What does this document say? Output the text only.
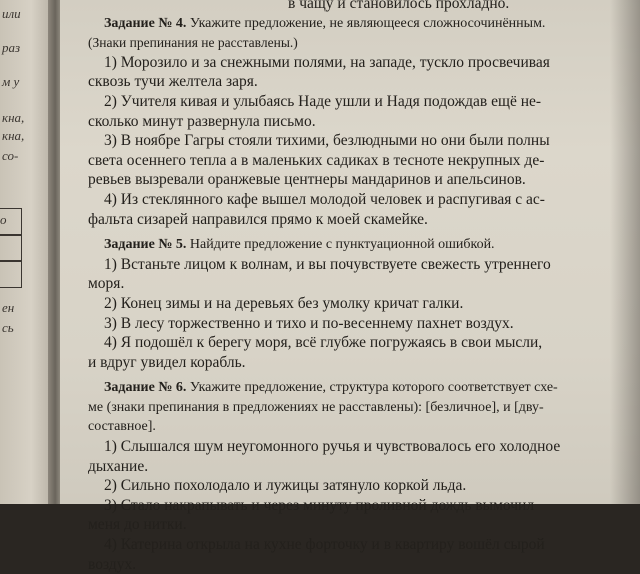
или
раз
м у
кна,
кна,
со-
о
ен
сь
в чащу и становилось прохладно.
Задание № 4. Укажите предложение, не являющееся сложносочинённым.
(Знаки препинания не расставлены.)
1) Морозило и за снежными полями, на западе, тускло просвечивая
сквозь тучи желтела заря.
2) Учителя кивая и улыбаясь Наде ушли и Надя подождав ещё не-
сколько минут развернула письмо.
3) В ноябре Гагры стояли тихими, безлюдными но они были полны
света осеннего тепла а в маленьких садиках в тесноте некрупных де-
ревьев вызревали оранжевые центнеры мандаринов и апельсинов.
4) Из стеклянного кафе вышел молодой человек и распугивая с ас-
фальта сизарей направился прямо к моей скамейке.
Задание № 5. Найдите предложение с пунктуационной ошибкой.
1) Встаньте лицом к волнам, и вы почувствуете свежесть утреннего
моря.
2) Конец зимы и на деревьях без умолку кричат галки.
3) В лесу торжественно и тихо и по-весеннему пахнет воздух.
4) Я подошёл к берегу моря, всё глубже погружаясь в свои мысли,
и вдруг увидел корабль.
Задание № 6. Укажите предложение, структура которого соответствует схе-
ме (знаки препинания в предложениях не расставлены): [безличное], и [дву-
составное].
1) Слышался шум неугомонного ручья и чувствовалось его холодное
дыхание.
2) Сильно похолодало и лужицы затянуло коркой льда.
3) Стало накрапывать и через минуту проливной дождь вымочил
меня до нитки.
4) Катерина открыла на кухне форточку и в квартиру вошёл сырой
воздух.
